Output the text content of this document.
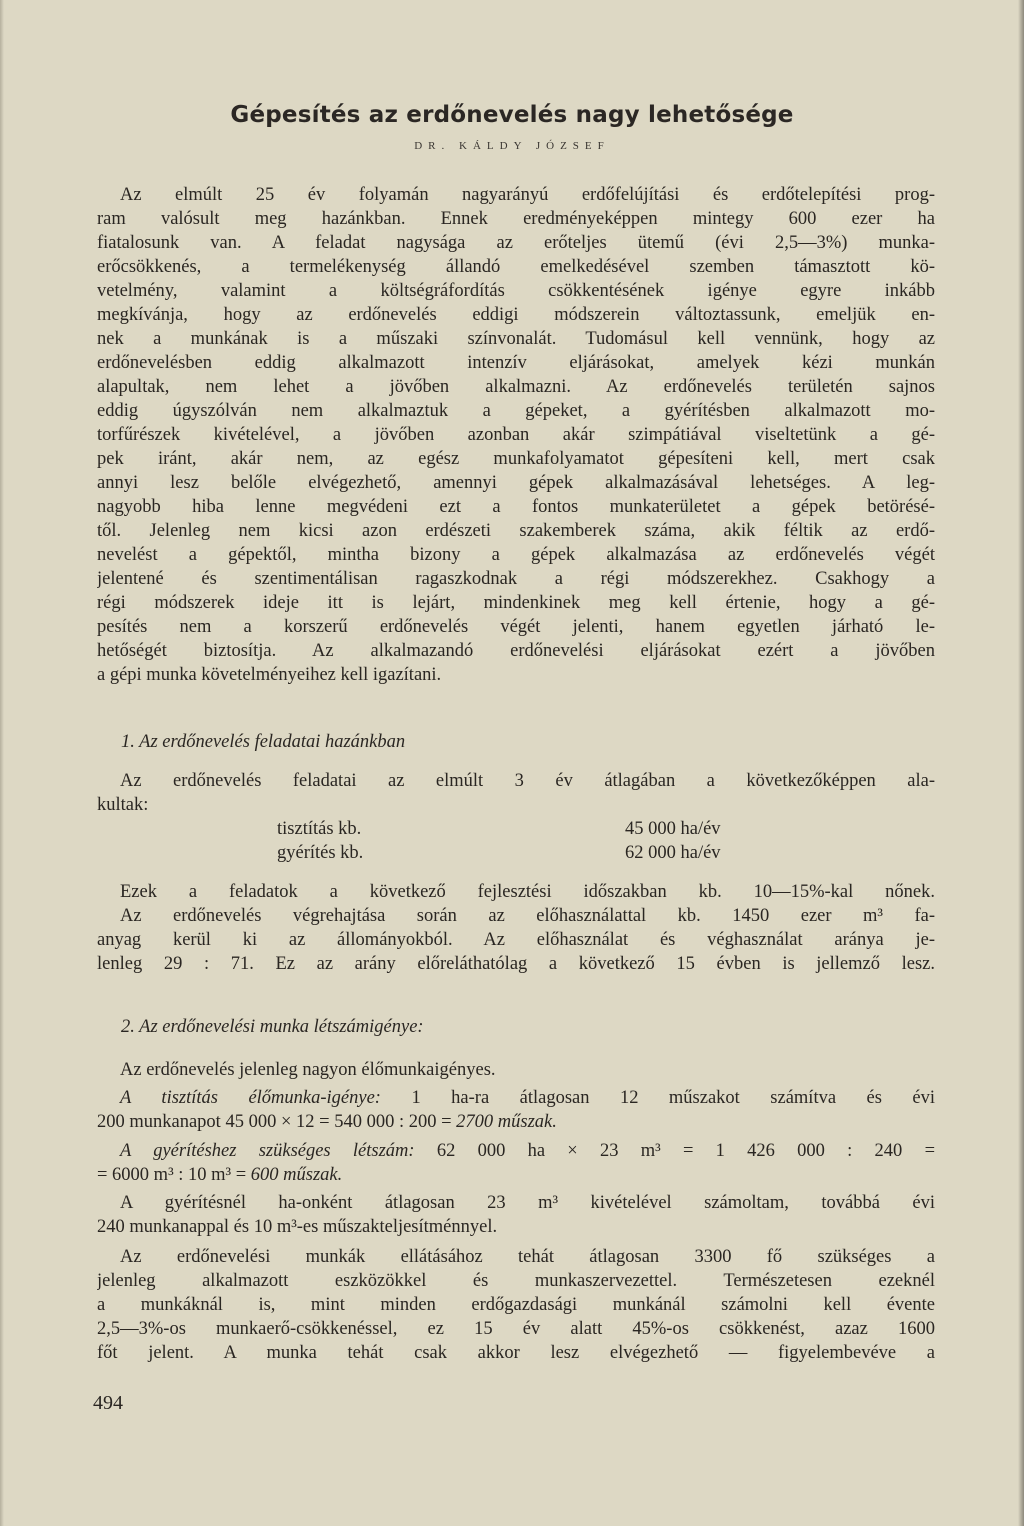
Gépesítés az erdőnevelés nagy lehetősége
DR. KÁLDY JÓZSEF
Az elmúlt 25 év folyamán nagyarányú erdőfelújítási és erdőtelepítési prog-
ram valósult meg hazánkban. Ennek eredményeképpen mintegy 600 ezer ha
fiatalosunk van. A feladat nagysága az erőteljes ütemű (évi 2,5—3%) munka-
erőcsökkenés, a termelékenység állandó emelkedésével szemben támasztott kö-
vetelmény, valamint a költségráfordítás csökkentésének igénye egyre inkább
megkívánja, hogy az erdőnevelés eddigi módszerein változtassunk, emeljük en-
nek a munkának is a műszaki színvonalát. Tudomásul kell vennünk, hogy az
erdőnevelésben eddig alkalmazott intenzív eljárásokat, amelyek kézi munkán
alapultak, nem lehet a jövőben alkalmazni. Az erdőnevelés területén sajnos
eddig úgyszólván nem alkalmaztuk a gépeket, a gyérítésben alkalmazott mo-
torfűrészek kivételével, a jövőben azonban akár szimpátiával viseltetünk a gé-
pek iránt, akár nem, az egész munkafolyamatot gépesíteni kell, mert csak
annyi lesz belőle elvégezhető, amennyi gépek alkalmazásával lehetséges. A leg-
nagyobb hiba lenne megvédeni ezt a fontos munkaterületet a gépek betörésé-
től. Jelenleg nem kicsi azon erdészeti szakemberek száma, akik féltik az erdő-
nevelést a gépektől, mintha bizony a gépek alkalmazása az erdőnevelés végét
jelentené és szentimentálisan ragaszkodnak a régi módszerekhez. Csakhogy a
régi módszerek ideje itt is lejárt, mindenkinek meg kell értenie, hogy a gé-
pesítés nem a korszerű erdőnevelés végét jelenti, hanem egyetlen járható le-
hetőségét biztosítja. Az alkalmazandó erdőnevelési eljárásokat ezért a jövőben
a gépi munka követelményeihez kell igazítani.
1. Az erdőnevelés feladatai hazánkban
Az erdőnevelés feladatai az elmúlt 3 év átlagában a következőképpen ala-
kultak:
tisztítás kb.	45 000 ha/év
gyérítés kb.	62 000 ha/év
Ezek a feladatok a következő fejlesztési időszakban kb. 10—15%-kal nőnek.
Az erdőnevelés végrehajtása során az előhasználattal kb. 1450 ezer m³ fa-
anyag kerül ki az állományokból. Az előhasználat és véghasználat aránya je-
lenleg 29 : 71. Ez az arány előreláthatólag a következő 15 évben is jellemző lesz.
2. Az erdőnevelési munka létszámigénye:
Az erdőnevelés jelenleg nagyon élőmunkaigényes.
A tisztítás élőmunka-igénye: 1 ha-ra átlagosan 12 műszakot számítva és évi
200 munkanapot 45 000 × 12 = 540 000 : 200 = 2700 műszak.
A gyérítéshez szükséges létszám: 62 000 ha × 23 m³ = 1 426 000 : 240 =
= 6000 m³ : 10 m³ = 600 műszak.
A gyérítésnél ha-onként átlagosan 23 m³ kivételével számoltam, továbbá évi
240 munkanappal és 10 m³-es műszakteljesítménnyel.
Az erdőnevelési munkák ellátásához tehát átlagosan 3300 fő szükséges a
jelenleg alkalmazott eszközökkel és munkaszervezettel. Természetesen ezeknél
a munkáknál is, mint minden erdőgazdasági munkánál számolni kell évente
2,5—3%-os munkaerő-csökkenéssel, ez 15 év alatt 45%-os csökkenést, azaz 1600
főt jelent. A munka tehát csak akkor lesz elvégezhető — figyelembevéve a
494
